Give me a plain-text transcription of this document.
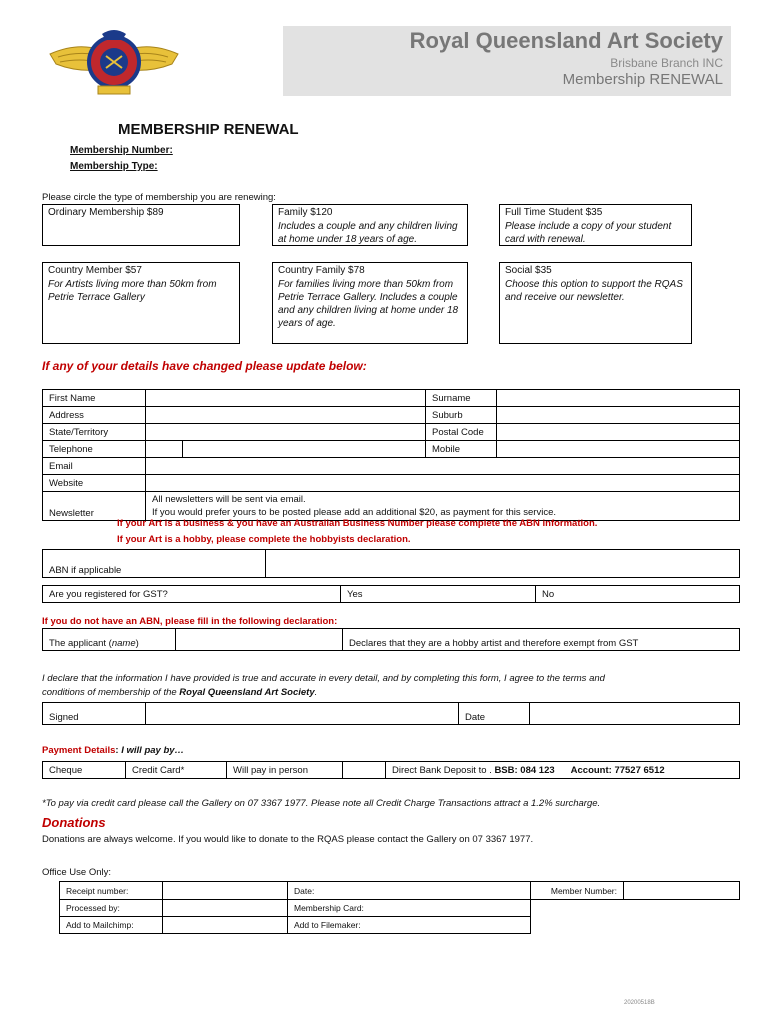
Royal Queensland Art Society
Brisbane Branch INC
Membership RENEWAL
MEMBERSHIP RENEWAL
Membership Number:
Membership Type:
Please circle the type of membership you are renewing:
Ordinary Membership $89	Family $120
Includes a couple and any children living at home under 18 years of age.
Full Time Student $35
Please include a copy of your student card with renewal.
Country Member $57
For Artists living more than 50km from Petrie Terrace Gallery
Country Family $78
For families living more than 50km from Petrie Terrace Gallery. Includes a couple and any children living at home under 18 years of age.
Social $35
Choose this option to support the RQAS and receive our newsletter.
If any of your details have changed please update below:
First Name			Surname	
Address			Suburb	
State/Territory			Postal Code	
Telephone			Mobile	
Email				
Website				
Newsletter	All newsletters will be sent via email.
If you would prefer yours to be posted please add an additional $20, as payment for this service.			
If your Art is a business & you have an Australian Business Number please complete the ABN information.
If your Art is a hobby, please complete the hobbyists declaration.
ABN if applicable	
Are you registered for GST?	Yes	No
If you do not have an ABN, please fill in the following declaration:
The applicant (name)		Declares that they are a hobby artist and therefore exempt from GST
I declare that the information I have provided is true and accurate in every detail, and by completing this form, I agree to the terms and
conditions of membership of the Royal Queensland Art Society.
Signed		Date	
Payment Details: I will pay by…
Cheque	Credit Card*	Will pay in person		Direct Bank Deposit to . BSB: 084 123 Account: 77527 6512
*To pay via credit card please call the Gallery on 07 3367 1977. Please note all Credit Charge Transactions attract a 1.2% surcharge.
Donations
Donations are always welcome. If you would like to donate to the RQAS please contact the Gallery on 07 3367 1977.
Office Use Only:
Receipt number:		Date:	Member Number:	
Processed by:		Membership Card:		
Add to Mailchimp:		Add to Filemaker:		
20200518B
